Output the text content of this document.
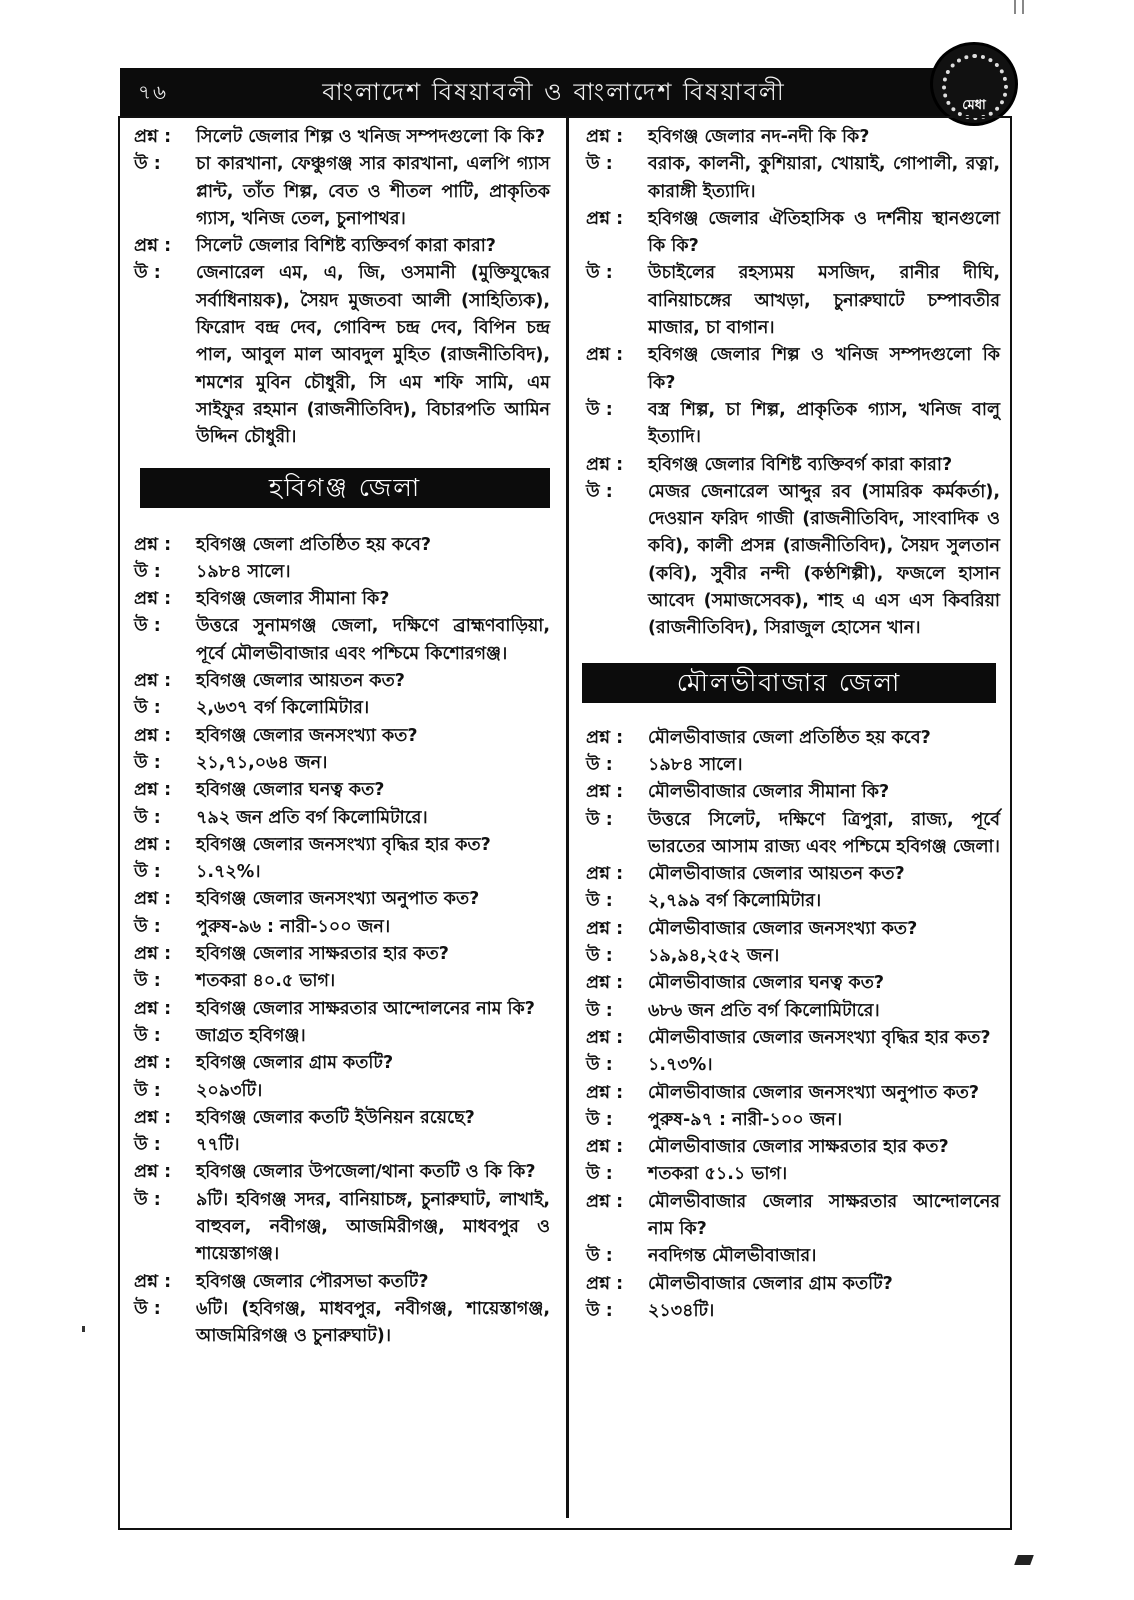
৭৬	বাংলাদেশ বিষয়াবলী ও বাংলাদেশ বিষয়াবলী	মেধা
প্রশ্ন :	সিলেট জেলার শিল্প ও খনিজ সম্পদগুলো কি কি?
উ :	চা কারখানা, ফেঞ্চুগঞ্জ সার কারখানা, এলপি গ্যাস প্লান্ট, তাঁত শিল্প, বেত ও শীতল পাটি, প্রাকৃতিক গ্যাস, খনিজ তেল, চুনাপাথর।
প্রশ্ন :	সিলেট জেলার বিশিষ্ট ব্যক্তিবর্গ কারা কারা?
উ :	জেনারেল এম, এ, জি, ওসমানী (মুক্তিযুদ্ধের সর্বাধিনায়ক), সৈয়দ মুজতবা আলী (সাহিত্যিক), ফিরোদ বন্দ্র দেব, গোবিন্দ চন্দ্র দেব, বিপিন চন্দ্র পাল, আবুল মাল আবদুল মুহিত (রাজনীতিবিদ), শমশের মুবিন চৌধুরী, সি এম শফি সামি, এম সাইফুর রহমান (রাজনীতিবিদ), বিচারপতি আমিন উদ্দিন চৌধুরী।
হবিগঞ্জ জেলা
প্রশ্ন :	হবিগঞ্জ জেলা প্রতিষ্ঠিত হয় কবে?
উ :	১৯৮৪ সালে।
প্রশ্ন :	হবিগঞ্জ জেলার সীমানা কি?
উ :	উত্তরে সুনামগঞ্জ জেলা, দক্ষিণে ব্রাহ্মণবাড়িয়া, পূর্বে মৌলভীবাজার এবং পশ্চিমে কিশোরগঞ্জ।
প্রশ্ন :	হবিগঞ্জ জেলার আয়তন কত?
উ :	২,৬৩৭ বর্গ কিলোমিটার।
প্রশ্ন :	হবিগঞ্জ জেলার জনসংখ্যা কত?
উ :	২১,৭১,০৬৪ জন।
প্রশ্ন :	হবিগঞ্জ জেলার ঘনত্ব কত?
উ :	৭৯২ জন প্রতি বর্গ কিলোমিটারে।
প্রশ্ন :	হবিগঞ্জ জেলার জনসংখ্যা বৃদ্ধির হার কত?
উ :	১.৭২%।
প্রশ্ন :	হবিগঞ্জ জেলার জনসংখ্যা অনুপাত কত?
উ :	পুরুষ-৯৬ : নারী-১০০ জন।
প্রশ্ন :	হবিগঞ্জ জেলার সাক্ষরতার হার কত?
উ :	শতকরা ৪০.৫ ভাগ।
প্রশ্ন :	হবিগঞ্জ জেলার সাক্ষরতার আন্দোলনের নাম কি?
উ :	জাগ্রত হবিগঞ্জ।
প্রশ্ন :	হবিগঞ্জ জেলার গ্রাম কতটি?
উ :	২০৯৩টি।
প্রশ্ন :	হবিগঞ্জ জেলার কতটি ইউনিয়ন রয়েছে?
উ :	৭৭টি।
প্রশ্ন :	হবিগঞ্জ জেলার উপজেলা/থানা কতটি ও কি কি?
উ :	৯টি। হবিগঞ্জ সদর, বানিয়াচঙ্গ, চুনারুঘাট, লাখাই, বাহুবল, নবীগঞ্জ, আজমিরীগঞ্জ, মাধবপুর ও শায়েস্তাগঞ্জ।
প্রশ্ন :	হবিগঞ্জ জেলার পৌরসভা কতটি?
উ :	৬টি। (হবিগঞ্জ, মাধবপুর, নবীগঞ্জ, শায়েস্তাগঞ্জ, আজমিরিগঞ্জ ও চুনারুঘাট)।
প্রশ্ন :	হবিগঞ্জ জেলার নদ-নদী কি কি?
উ :	বরাক, কালনী, কুশিয়ারা, খোয়াই, গোপালী, রত্না, কারাঙ্গী ইত্যাদি।
প্রশ্ন :	হবিগঞ্জ জেলার ঐতিহাসিক ও দর্শনীয় স্থানগুলো কি কি?
উ :	উচাইলের রহস্যময় মসজিদ, রানীর দীঘি, বানিয়াচঙ্গের আখড়া, চুনারুঘাটে চম্পাবতীর মাজার, চা বাগান।
প্রশ্ন :	হবিগঞ্জ জেলার শিল্প ও খনিজ সম্পদগুলো কি কি?
উ :	বস্ত্র শিল্প, চা শিল্প, প্রাকৃতিক গ্যাস, খনিজ বালু ইত্যাদি।
প্রশ্ন :	হবিগঞ্জ জেলার বিশিষ্ট ব্যক্তিবর্গ কারা কারা?
উ :	মেজর জেনারেল আব্দুর রব (সামরিক কর্মকর্তা), দেওয়ান ফরিদ গাজী (রাজনীতিবিদ, সাংবাদিক ও কবি), কালী প্রসন্ন (রাজনীতিবিদ), সৈয়দ সুলতান (কবি), সুবীর নন্দী (কণ্ঠশিল্পী), ফজলে হাসান আবেদ (সমাজসেবক), শাহ এ এস এস কিবরিয়া (রাজনীতিবিদ), সিরাজুল হোসেন খান।
মৌলভীবাজার জেলা
প্রশ্ন :	মৌলভীবাজার জেলা প্রতিষ্ঠিত হয় কবে?
উ :	১৯৮৪ সালে।
প্রশ্ন :	মৌলভীবাজার জেলার সীমানা কি?
উ :	উত্তরে সিলেট, দক্ষিণে ত্রিপুরা, রাজ্য, পূর্বে ভারতের আসাম রাজ্য এবং পশ্চিমে হবিগঞ্জ জেলা।
প্রশ্ন :	মৌলভীবাজার জেলার আয়তন কত?
উ :	২,৭৯৯ বর্গ কিলোমিটার।
প্রশ্ন :	মৌলভীবাজার জেলার জনসংখ্যা কত?
উ :	১৯,৯৪,২৫২ জন।
প্রশ্ন :	মৌলভীবাজার জেলার ঘনত্ব কত?
উ :	৬৮৬ জন প্রতি বর্গ কিলোমিটারে।
প্রশ্ন :	মৌলভীবাজার জেলার জনসংখ্যা বৃদ্ধির হার কত?
উ :	১.৭৩%।
প্রশ্ন :	মৌলভীবাজার জেলার জনসংখ্যা অনুপাত কত?
উ :	পুরুষ-৯৭ : নারী-১০০ জন।
প্রশ্ন :	মৌলভীবাজার জেলার সাক্ষরতার হার কত?
উ :	শতকরা ৫১.১ ভাগ।
প্রশ্ন :	মৌলভীবাজার জেলার সাক্ষরতার আন্দোলনের নাম কি?
উ :	নবদিগন্ত মৌলভীবাজার।
প্রশ্ন :	মৌলভীবাজার জেলার গ্রাম কতটি?
উ :	২১৩৪টি।
